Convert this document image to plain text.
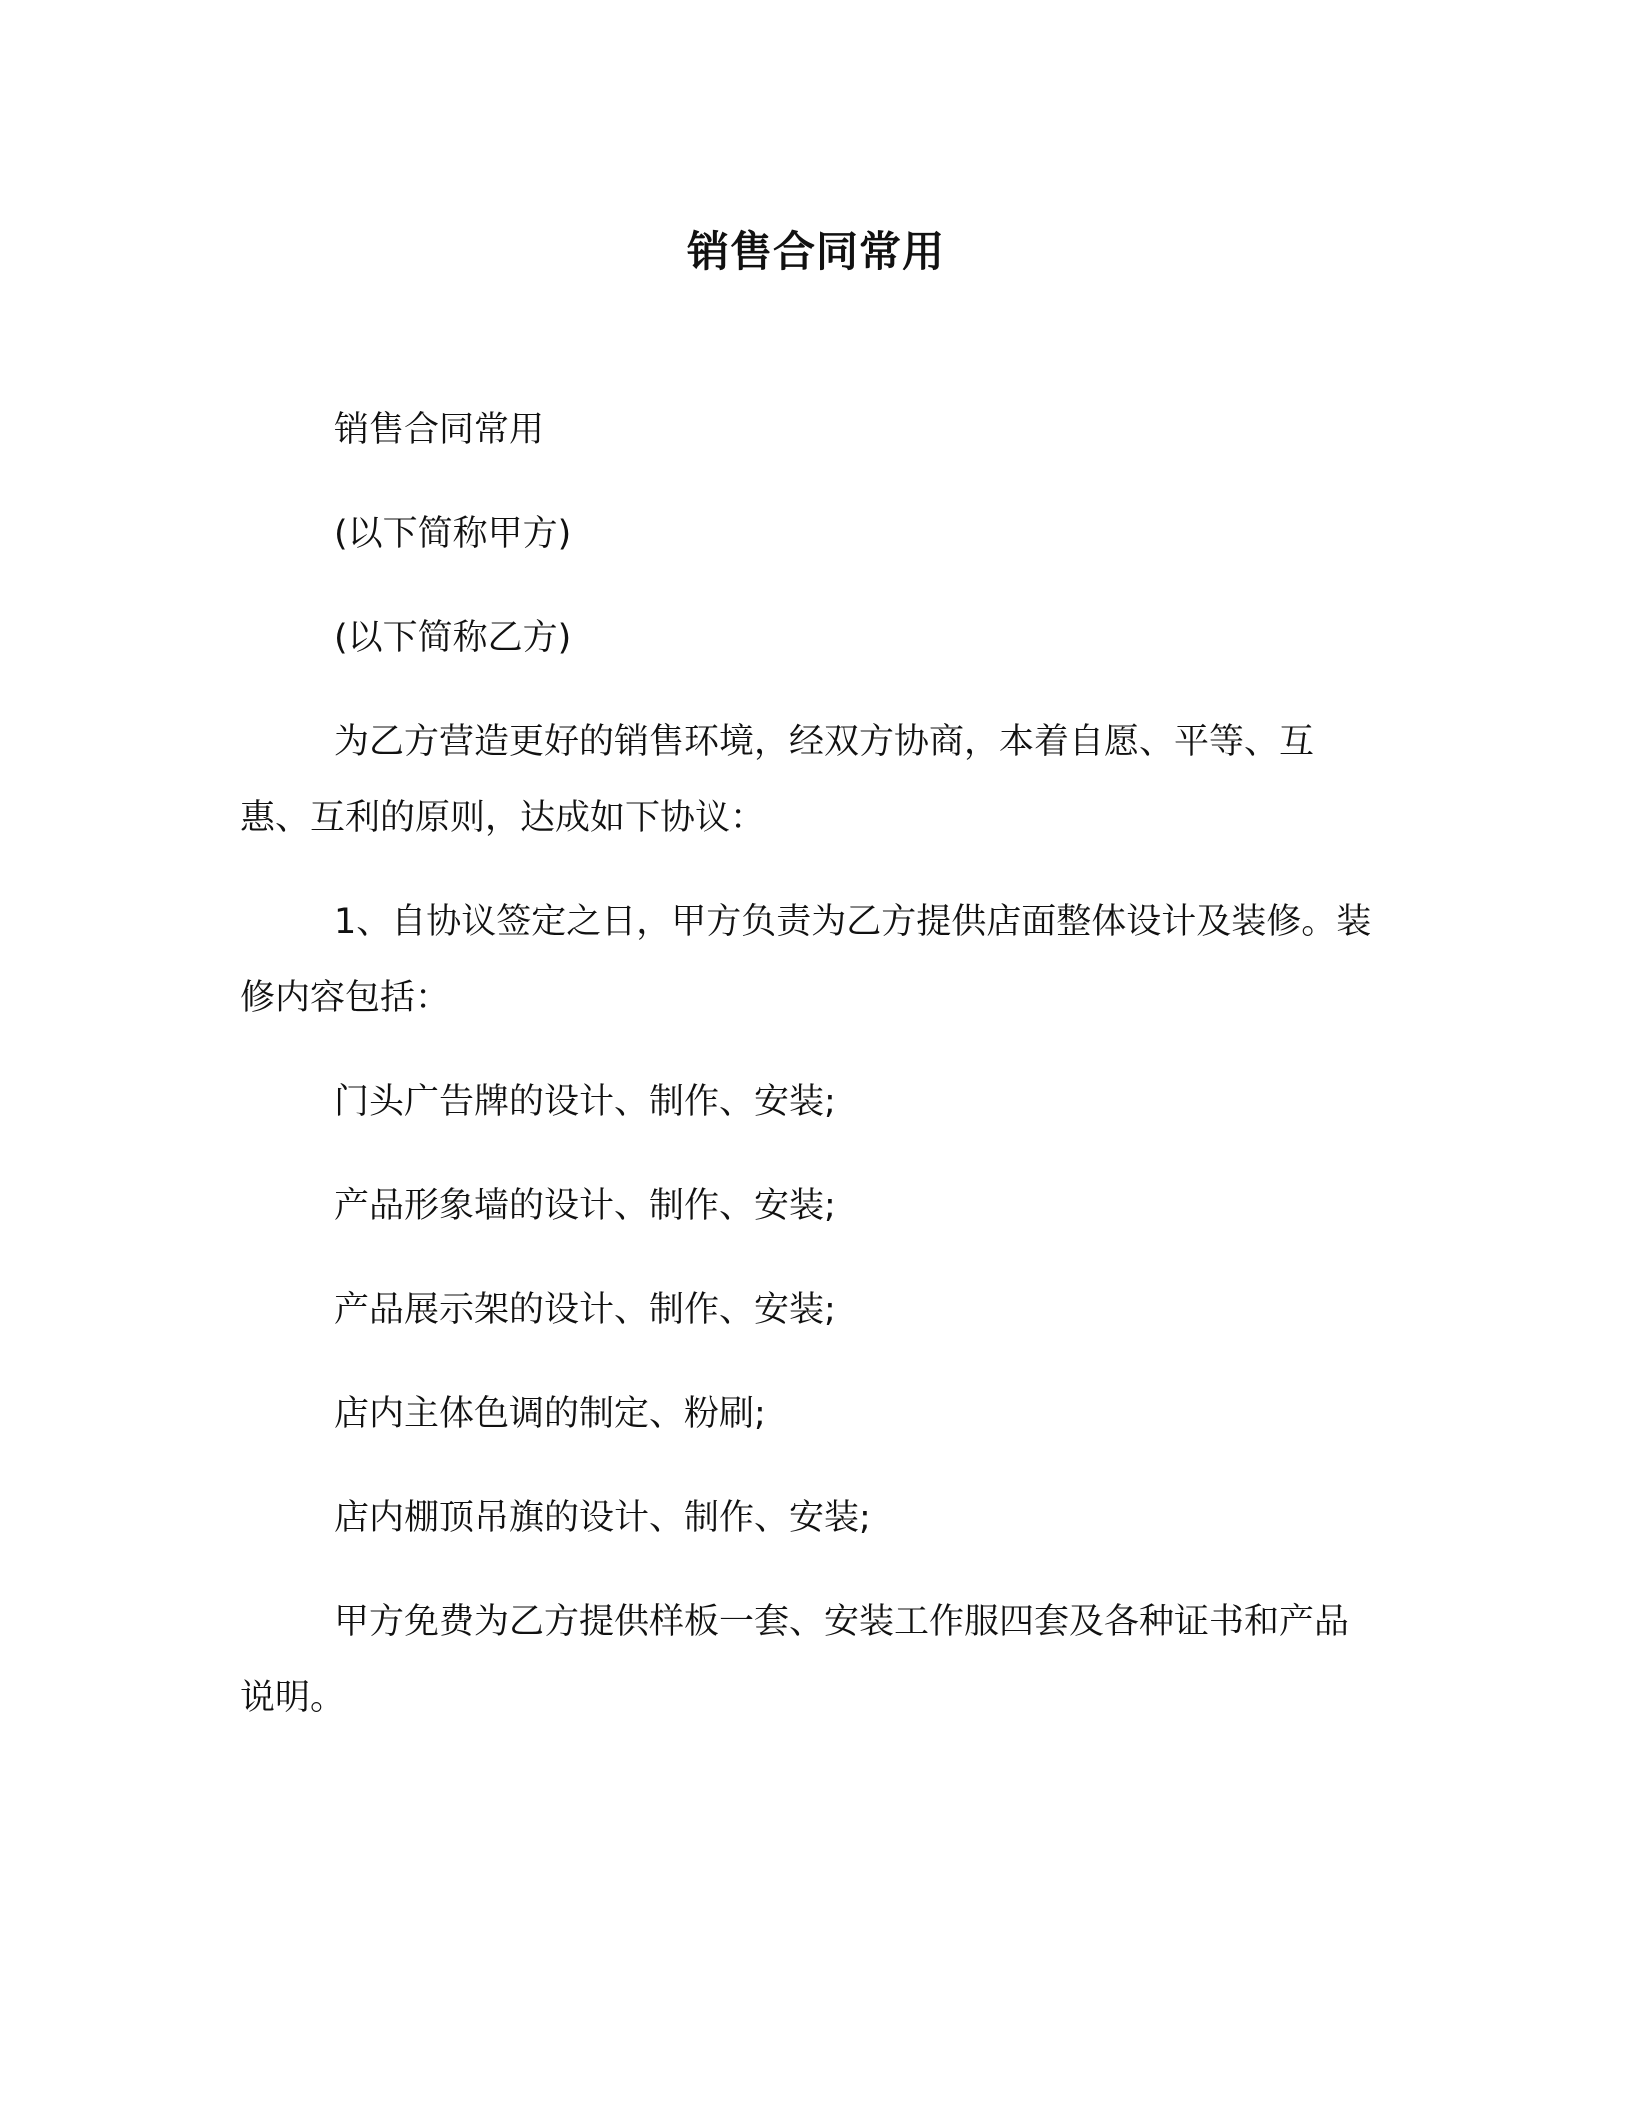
销售合同常用

销售合同常用

(以下简称甲方)

(以下简称乙方)

为乙方营造更好的销售环境，经双方协商，本着自愿、平等、互惠、互利的原则，达成如下协议：

1、自协议签定之日，甲方负责为乙方提供店面整体设计及装修。装修内容包括：

门头广告牌的设计、制作、安装;

产品形象墙的设计、制作、安装;

产品展示架的设计、制作、安装;

店内主体色调的制定、粉刷;

店内棚顶吊旗的设计、制作、安装;

甲方免费为乙方提供样板一套、安装工作服四套及各种证书和产品说明。
